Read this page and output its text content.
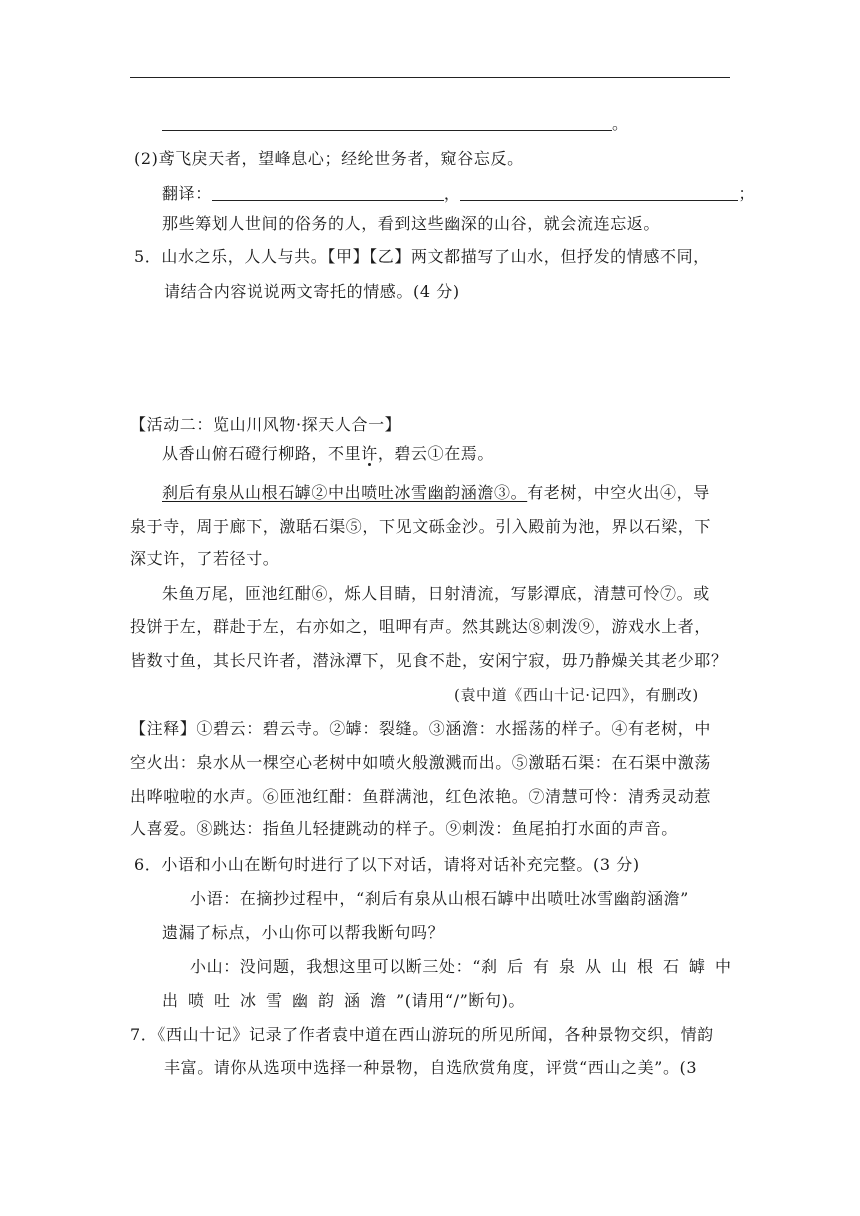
。
(2)鸢飞戾天者，望峰息心；经纶世务者，窥谷忘反。
翻译：	，	；
那些筹划人世间的俗务的人，看到这些幽深的山谷，就会流连忘返。
5．山水之乐，人人与共。【甲】【乙】两文都描写了山水，但抒发的情感不同，
请结合内容说说两文寄托的情感。(4 分)
【活动二：览山川风物·探天人合一】
从香山俯石磴行柳路，不里许，碧云①在焉。
刹后有泉从山根石罅②中出喷吐冰雪幽韵涵澹③。有老树，中空火出④，导
泉于寺，周于廊下，激聒石渠⑤，下见文砾金沙。引入殿前为池，界以石梁，下
深丈许，了若径寸。
朱鱼万尾，匝池红酣⑥，烁人目睛，日射清流，写影潭底，清慧可怜⑦。或
投饼于左，群赴于左，右亦如之，咀呷有声。然其跳达⑧刺泼⑨，游戏水上者，
皆数寸鱼，其长尺许者，潜泳潭下，见食不赴，安闲宁寂，毋乃静燥关其老少耶？
(袁中道《西山十记·记四》，有删改)
【注释】①碧云：碧云寺。②罅：裂缝。③涵澹：水摇荡的样子。④有老树，中
空火出：泉水从一棵空心老树中如喷火般激溅而出。⑤激聒石渠：在石渠中激荡
出哗啦啦的水声。⑥匝池红酣：鱼群满池，红色浓艳。⑦清慧可怜：清秀灵动惹
人喜爱。⑧跳达：指鱼儿轻捷跳动的样子。⑨刺泼：鱼尾拍打水面的声音。
6．小语和小山在断句时进行了以下对话，请将对话补充完整。(3 分)
小语：在摘抄过程中，“刹后有泉从山根石罅中出喷吐冰雪幽韵涵澹”
遗漏了标点，小山你可以帮我断句吗？
小山：没问题，我想这里可以断三处：“刹后有泉从山根石罅中
出喷吐冰雪幽韵涵澹”(请用“/”断句)。
7．《西山十记》记录了作者袁中道在西山游玩的所见所闻，各种景物交织，情韵
丰富。请你从选项中选择一种景物，自选欣赏角度，评赏“西山之美”。(3
